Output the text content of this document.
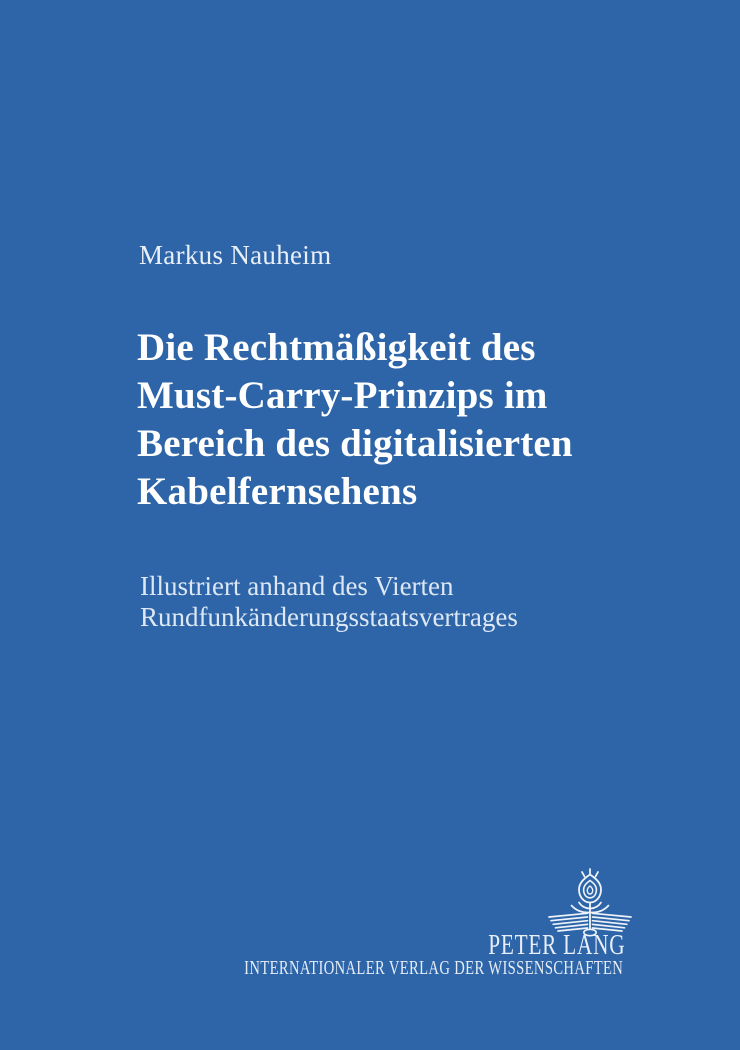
Markus Nauheim
Die Rechtmäßigkeit des
Must-Carry-Prinzips im
Bereich des digitalisierten
Kabelfernsehens
Illustriert anhand des Vierten
Rundfunkänderungsstaatsvertrages
PETER LANG
INTERNATIONALER VERLAG DER WISSENSCHAFTEN
